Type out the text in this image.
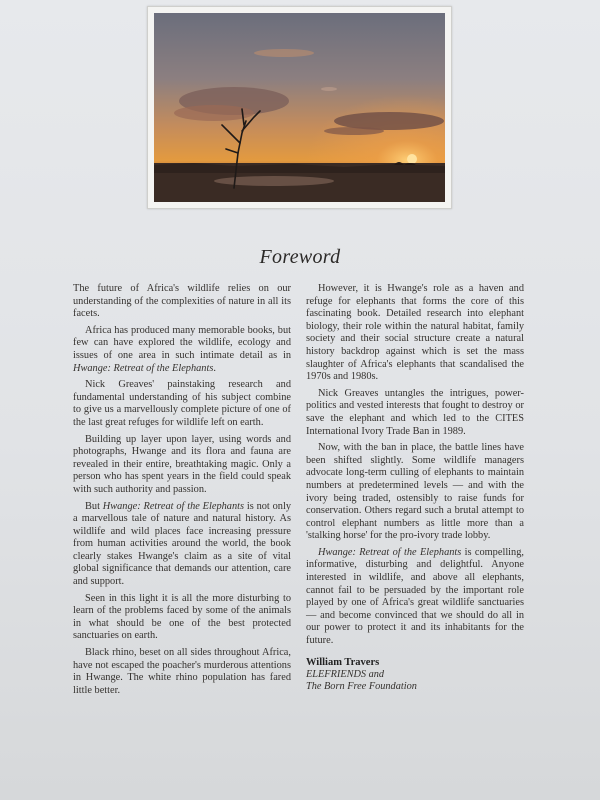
Foreword

The future of Africa's wildlife relies on our understanding of the complexities of nature in all its facets.

Africa has produced many memorable books, but few can have explored the wildlife, ecology and issues of one area in such intimate detail as in Hwange: Retreat of the Elephants.

Nick Greaves' painstaking research and fundamental understanding of his subject combine to give us a marvellously complete picture of one of the last great refuges for wildlife left on earth.

Building up layer upon layer, using words and photographs, Hwange and its flora and fauna are revealed in their entire, breathtaking magic. Only a person who has spent years in the field could speak with such authority and passion.

But Hwange: Retreat of the Elephants is not only a marvellous tale of nature and natural history. As wildlife and wild places face increasing pressure from human activities around the world, the book clearly stakes Hwange's claim as a site of vital global significance that demands our attention, care and support.

Seen in this light it is all the more disturbing to learn of the problems faced by some of the animals in what should be one of the best protected sanctuaries on earth.

Black rhino, beset on all sides throughout Africa, have not escaped the poacher's murderous attentions in Hwange. The white rhino population has fared little better.

However, it is Hwange's role as a haven and refuge for elephants that forms the core of this fascinating book. Detailed research into elephant biology, their role within the natural habitat, family society and their social structure create a natural history backdrop against which is set the mass slaughter of Africa's elephants that scandalised the 1970s and 1980s.

Nick Greaves untangles the intrigues, power-politics and vested interests that fought to destroy or save the elephant and which led to the CITES International Ivory Trade Ban in 1989.

Now, with the ban in place, the battle lines have been shifted slightly. Some wildlife managers advocate long-term culling of elephants to maintain numbers at predetermined levels — and with the ivory being traded, ostensibly to raise funds for conservation. Others regard such a brutal attempt to control elephant numbers as little more than a 'stalking horse' for the pro-ivory trade lobby.

Hwange: Retreat of the Elephants is compelling, informative, disturbing and delightful. Anyone interested in wildlife, and above all elephants, cannot fail to be persuaded by the important role played by one of Africa's great wildlife sanctuaries — and become convinced that we should do all in our power to protect it and its inhabitants for the future.

William Travers
ELEFRIENDS and
The Born Free Foundation
